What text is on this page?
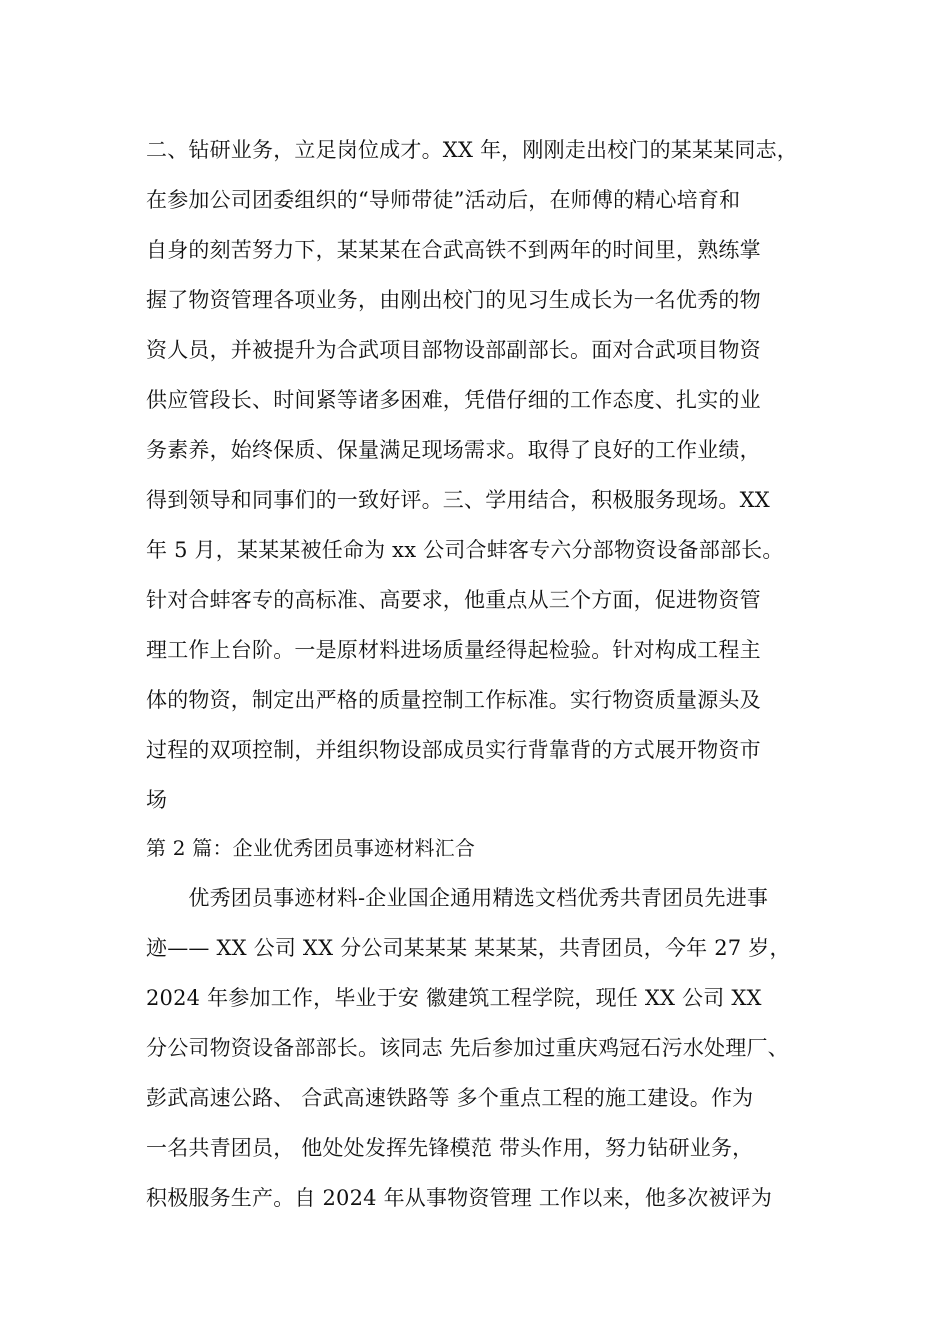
二、钻研业务，立足岗位成才。XX 年，刚刚走出校门的某某某同志，
在参加公司团委组织的“导师带徒”活动后，在师傅的精心培育和
自身的刻苦努力下，某某某在合武高铁不到两年的时间里，熟练掌
握了物资管理各项业务，由刚出校门的见习生成长为一名优秀的物
资人员，并被提升为合武项目部物设部副部长。面对合武项目物资
供应管段长、时间紧等诸多困难，凭借仔细的工作态度、扎实的业
务素养，始终保质、保量满足现场需求。取得了良好的工作业绩，
得到领导和同事们的一致好评。三、学用结合，积极服务现场。XX
年 5 月，某某某被任命为 xx 公司合蚌客专六分部物资设备部部长。
针对合蚌客专的高标准、高要求，他重点从三个方面，促进物资管
理工作上台阶。一是原材料进场质量经得起检验。针对构成工程主
体的物资，制定出严格的质量控制工作标准。实行物资质量源头及
过程的双项控制，并组织物设部成员实行背靠背的方式展开物资市
场
第 2 篇：企业优秀团员事迹材料汇合
　　优秀团员事迹材料-企业国企通用精选文档优秀共青团员先进事
迹—— XX 公司 XX 分公司某某某 某某某，共青团员，今年 27 岁，
2024 年参加工作，毕业于安 徽建筑工程学院，现任 XX 公司 XX
分公司物资设备部部长。该同志 先后参加过重庆鸡冠石污水处理厂、
彭武高速公路、 合武高速铁路等 多个重点工程的施工建设。作为
一名共青团员， 他处处发挥先锋模范 带头作用，努力钻研业务，
积极服务生产。自 2024 年从事物资管理 工作以来，他多次被评为
